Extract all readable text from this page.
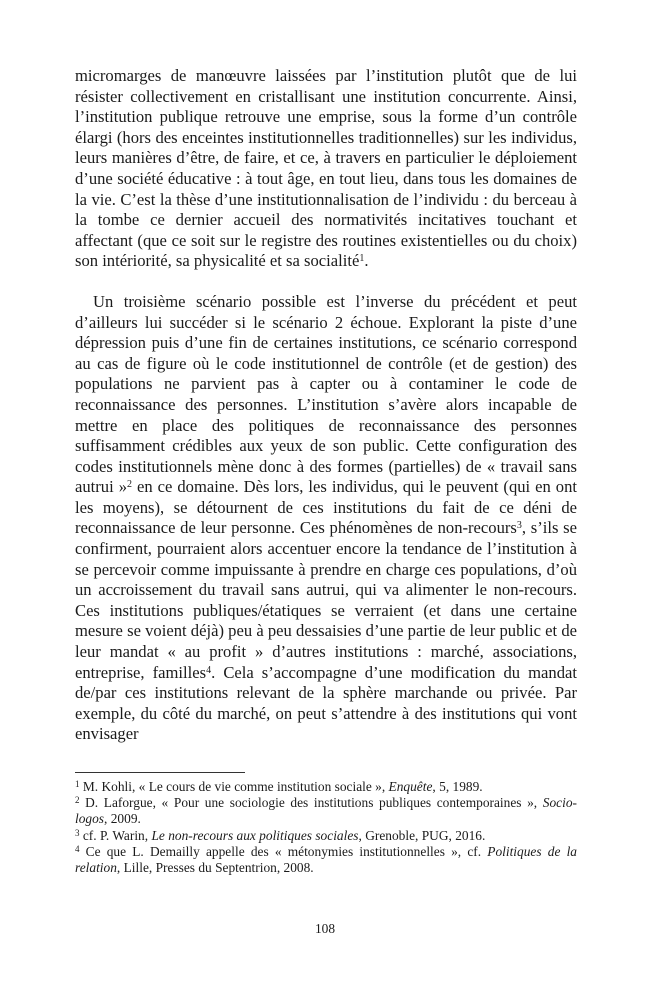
micromarges de manœuvre laissées par l’institution plutôt que de lui résister collectivement en cristallisant une institution concurrente. Ainsi, l’institution publique retrouve une emprise, sous la forme d’un contrôle élargi (hors des enceintes institutionnelles traditionnelles) sur les individus, leurs manières d’être, de faire, et ce, à travers en particulier le déploiement d’une société éducative : à tout âge, en tout lieu, dans tous les domaines de la vie. C’est la thèse d’une institutionnalisation de l’individu : du berceau à la tombe ce dernier accueil des normativités incitatives touchant et affectant (que ce soit sur le registre des routines existentielles ou du choix) son intériorité, sa physicalité et sa socialité$^1$.

Un troisième scénario possible est l’inverse du précédent et peut d’ailleurs lui succéder si le scénario 2 échoue. Explorant la piste d’une dépression puis d’une fin de certaines institutions, ce scénario correspond au cas de figure où le code institutionnel de contrôle (et de gestion) des populations ne parvient pas à capter ou à contaminer le code de reconnaissance des personnes. L’institution s’avère alors incapable de mettre en place des politiques de reconnaissance des personnes suffisamment crédibles aux yeux de son public. Cette configuration des codes institutionnels mène donc à des formes (partielles) de « travail sans autrui »$^2$ en ce domaine. Dès lors, les individus, qui le peuvent (qui en ont les moyens), se détournent de ces institutions du fait de ce déni de reconnaissance de leur personne. Ces phénomènes de non-recours$^3$, s’ils se confirment, pourraient alors accentuer encore la tendance de l’institution à se percevoir comme impuissante à prendre en charge ces populations, d’où un accroissement du travail sans autrui, qui va alimenter le non-recours. Ces institutions publiques/étatiques se verraient (et dans une certaine mesure se voient déjà) peu à peu dessaisies d’une partie de leur public et de leur mandat « au profit » d’autres institutions : marché, associations, entreprise, familles$^4$. Cela s’accompagne d’une modification du mandat de/par ces institutions relevant de la sphère marchande ou privée. Par exemple, du côté du marché, on peut s’attendre à des institutions qui vont envisager

$^1$ M. Kohli, « Le cours de vie comme institution sociale », Enquête, 5, 1989.

$^2$ D. Laforgue, « Pour une sociologie des institutions publiques contemporaines », Socio-logos, 2009.

$^3$ cf. P. Warin, Le non-recours aux politiques sociales, Grenoble, PUG, 2016.

$^4$ Ce que L. Demailly appelle des « métonymies institutionnelles », cf. Politiques de la relation, Lille, Presses du Septentrion, 2008.

108
